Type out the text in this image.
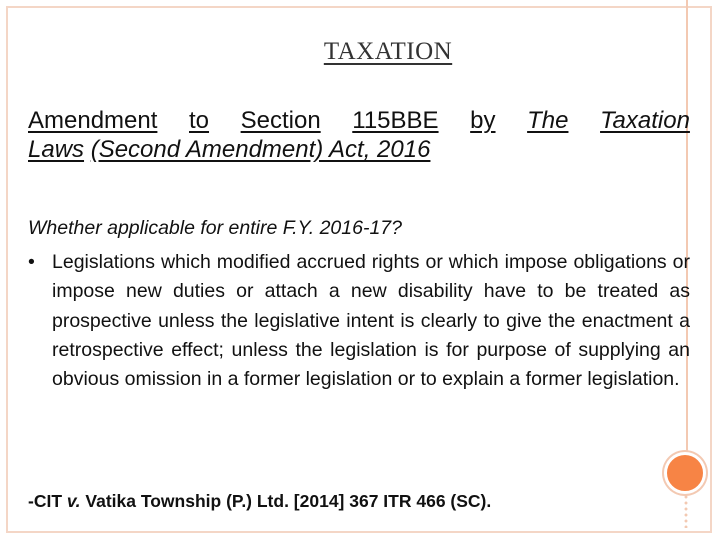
TAXATION
Amendment to Section 115BBE by The Taxation
Laws (Second Amendment) Act, 2016
Whether applicable for entire F.Y. 2016-17?
• Legislations which modified accrued rights or which impose obligations or impose new duties or attach a new disability have to be treated as prospective unless the legislative intent is clearly to give the enactment a retrospective effect; unless the legislation is for purpose of supplying an obvious omission in a former legislation or to explain a former legislation.
-CIT v. Vatika Township (P.) Ltd. [2014] 367 ITR 466 (SC).
